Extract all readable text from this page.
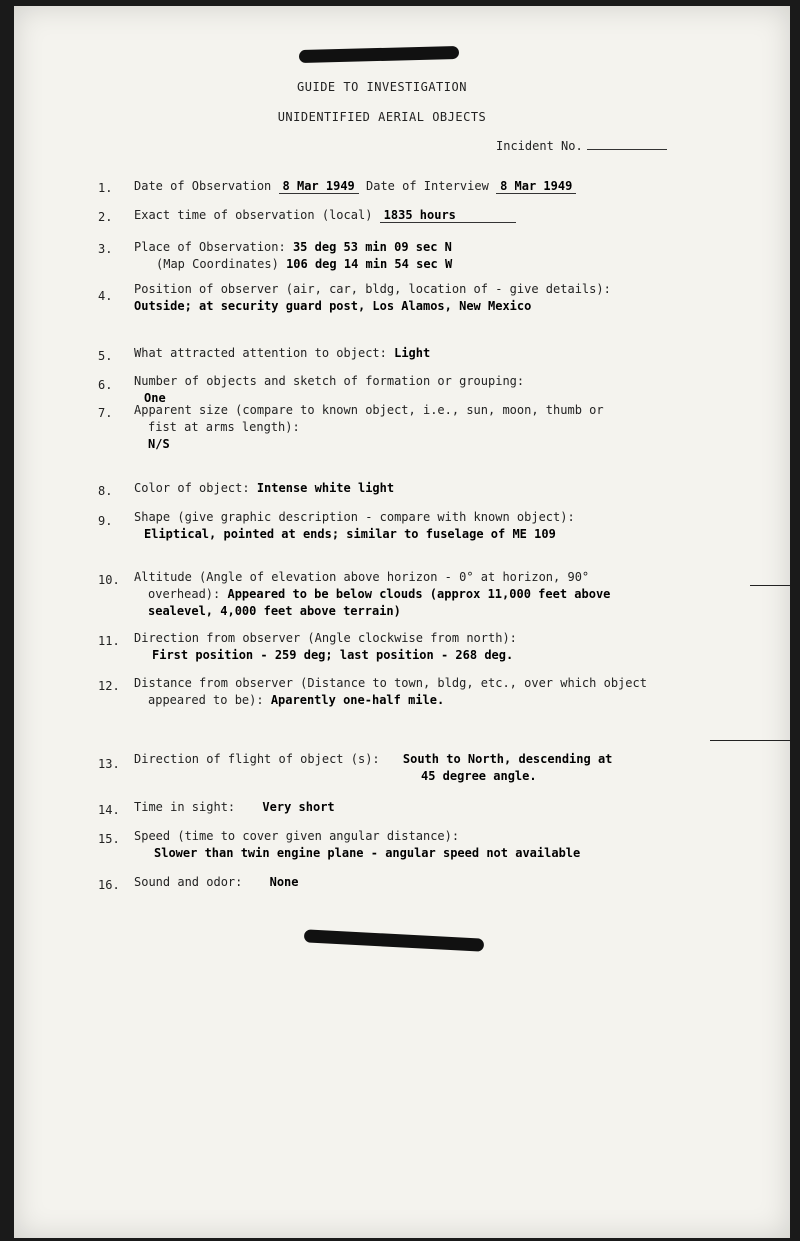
GUIDE TO INVESTIGATION
UNIDENTIFIED AERIAL OBJECTS
Incident No.
1. Date of Observation 8 Mar 1949 Date of Interview 8 Mar 1949
2. Exact time of observation (local) 1835 hours
3. Place of Observation: 35 deg 53 min 09 sec N
(Map Coordinates) 106 deg 14 min 54 sec W
4. Position of observer (air, car, bldg, location of - give details):
Outside; at security guard post, Los Alamos, New Mexico
5. What attracted attention to object: Light
6. Number of objects and sketch of formation or grouping:
One
7. Apparent size (compare to known object, i.e., sun, moon, thumb or
fist at arms length):
N/S
8. Color of object: Intense white light
9. Shape (give graphic description - compare with known object):
Eliptical, pointed at ends; similar to fuselage of ME 109
10. Altitude (Angle of elevation above horizon - 0° at horizon, 90°
overhead): Appeared to be below clouds (approx 11,000 feet above
sealevel, 4,000 feet above terrain)
11. Direction from observer (Angle clockwise from north):
First position - 259 deg; last position - 268 deg.
12. Distance from observer (Distance to town, bldg, etc., over which object
appeared to be): Aparently one-half mile.
13. Direction of flight of object (s): South to North, descending at
45 degree angle.
14. Time in sight: Very short
15. Speed (time to cover given angular distance):
Slower than twin engine plane - angular speed not available
16. Sound and odor: None
